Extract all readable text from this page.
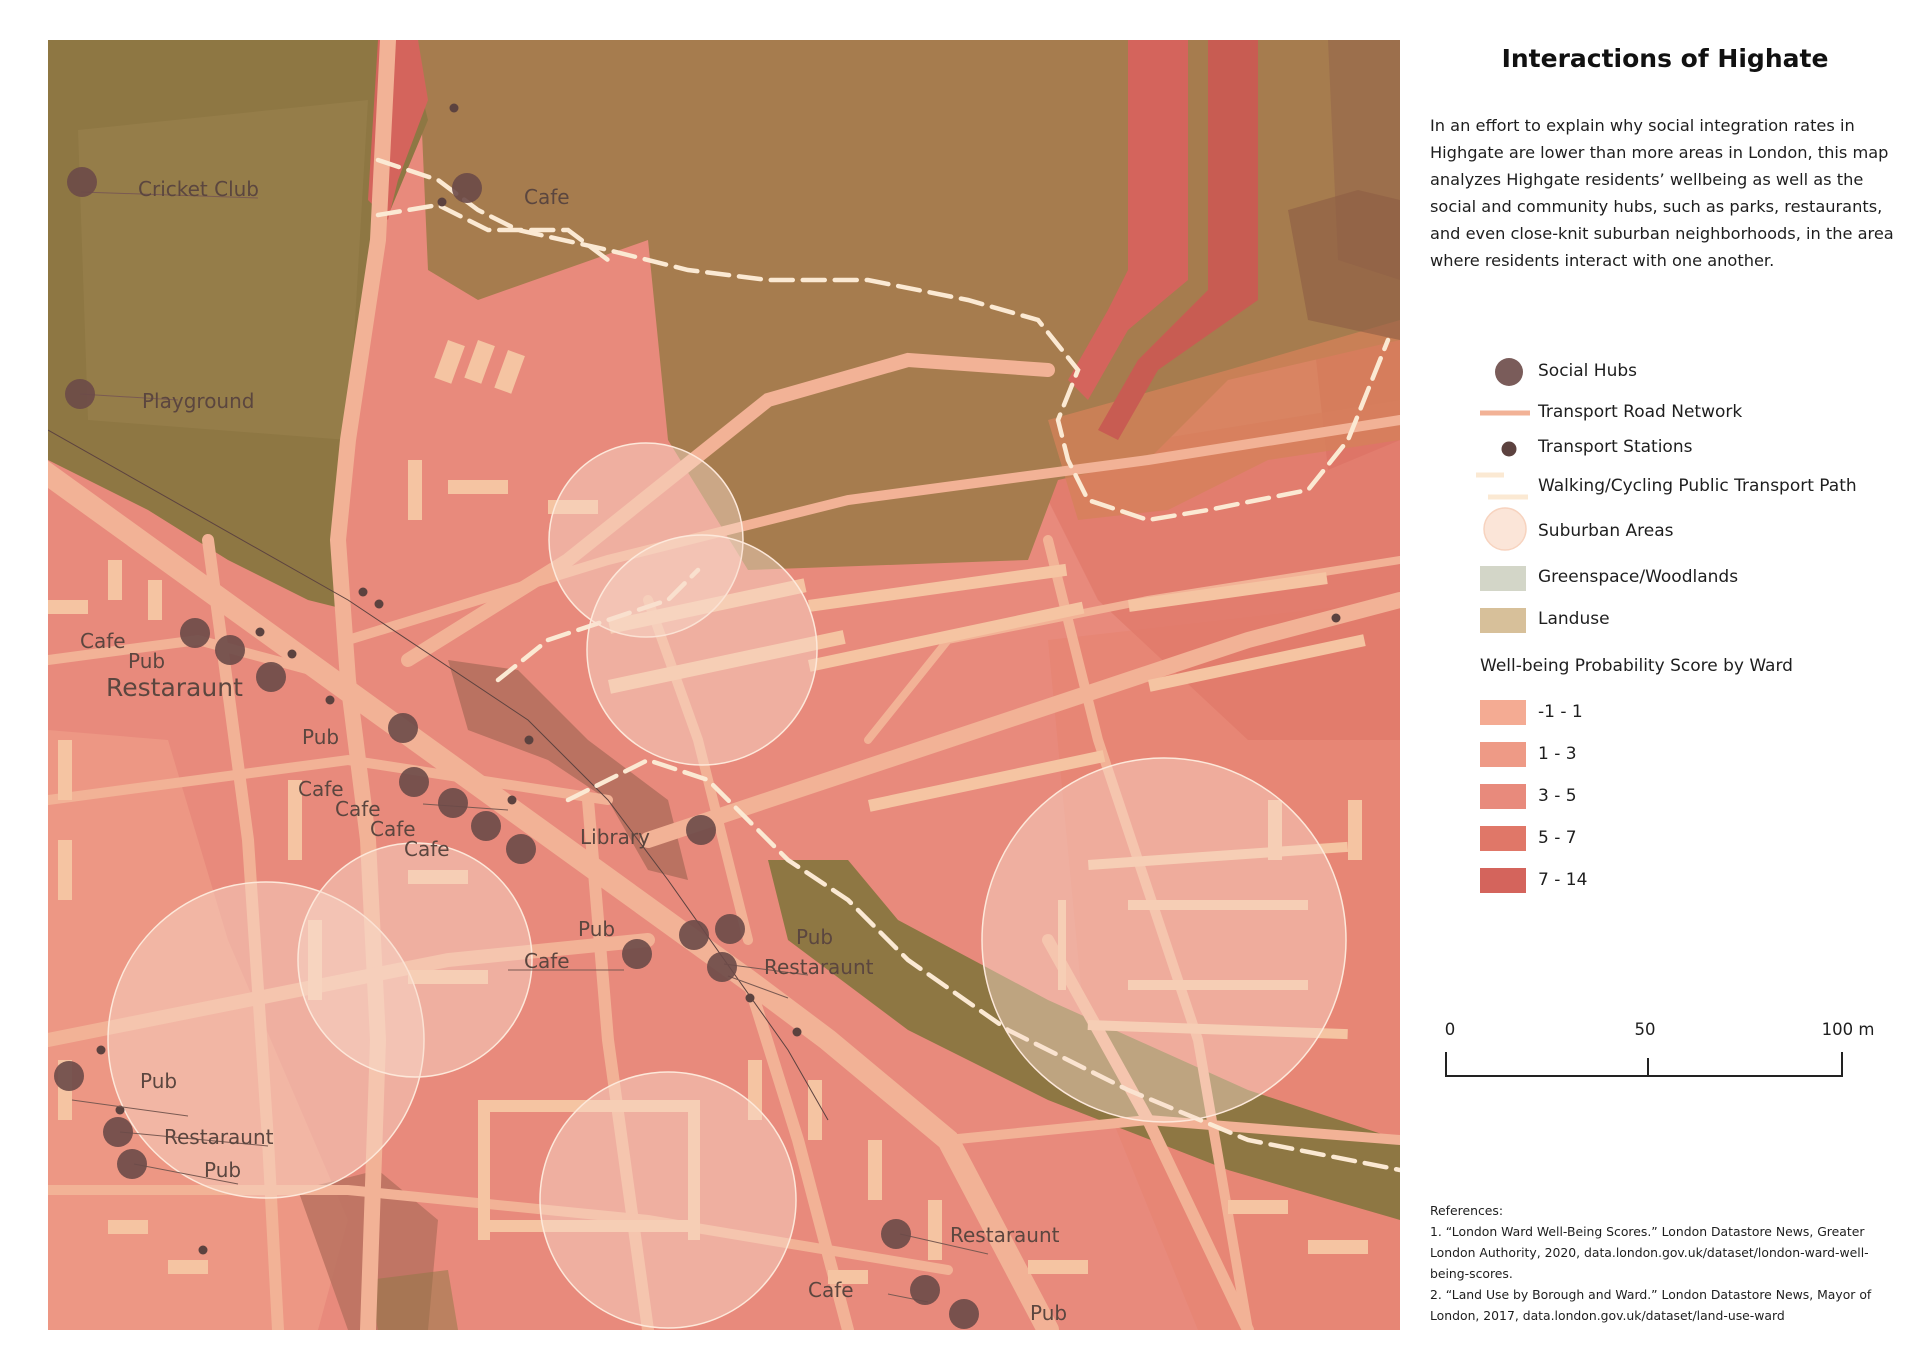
Cricket Club	Cafe
Playground
Cafe
Pub
Restaraunt
Pub
Cafe
Cafe
Cafe
Cafe	Library
Pub
Cafe
Pub
Restaraunt
Pub
Restaraunt
Pub
Restaraunt
Cafe
Pub
Interactions of Highate
In an effort to explain why social integration rates in Highgate are lower than more areas in London, this map analyzes Highgate residents’ wellbeing as well as the social and community hubs, such as parks, restaurants, and even close-knit suburban neighborhoods, in the area where residents interact with one another.
Social Hubs
Transport Road Network
Transport Stations
Walking/Cycling Public Transport Path
Suburban Areas
Greenspace/Woodlands
Landuse
Well-being Probability Score by Ward
-1 - 1
1 - 3
3 - 5
5 - 7
7 - 14
0	50	100 m
References:
1. “London Ward Well-Being Scores.” London Datastore News, Greater London Authority, 2020, data.london.gov.uk/dataset/london-ward-well-being-scores.
2. “Land Use by Borough and Ward.” London Datastore News, Mayor of London, 2017, data.london.gov.uk/dataset/land-use-ward
